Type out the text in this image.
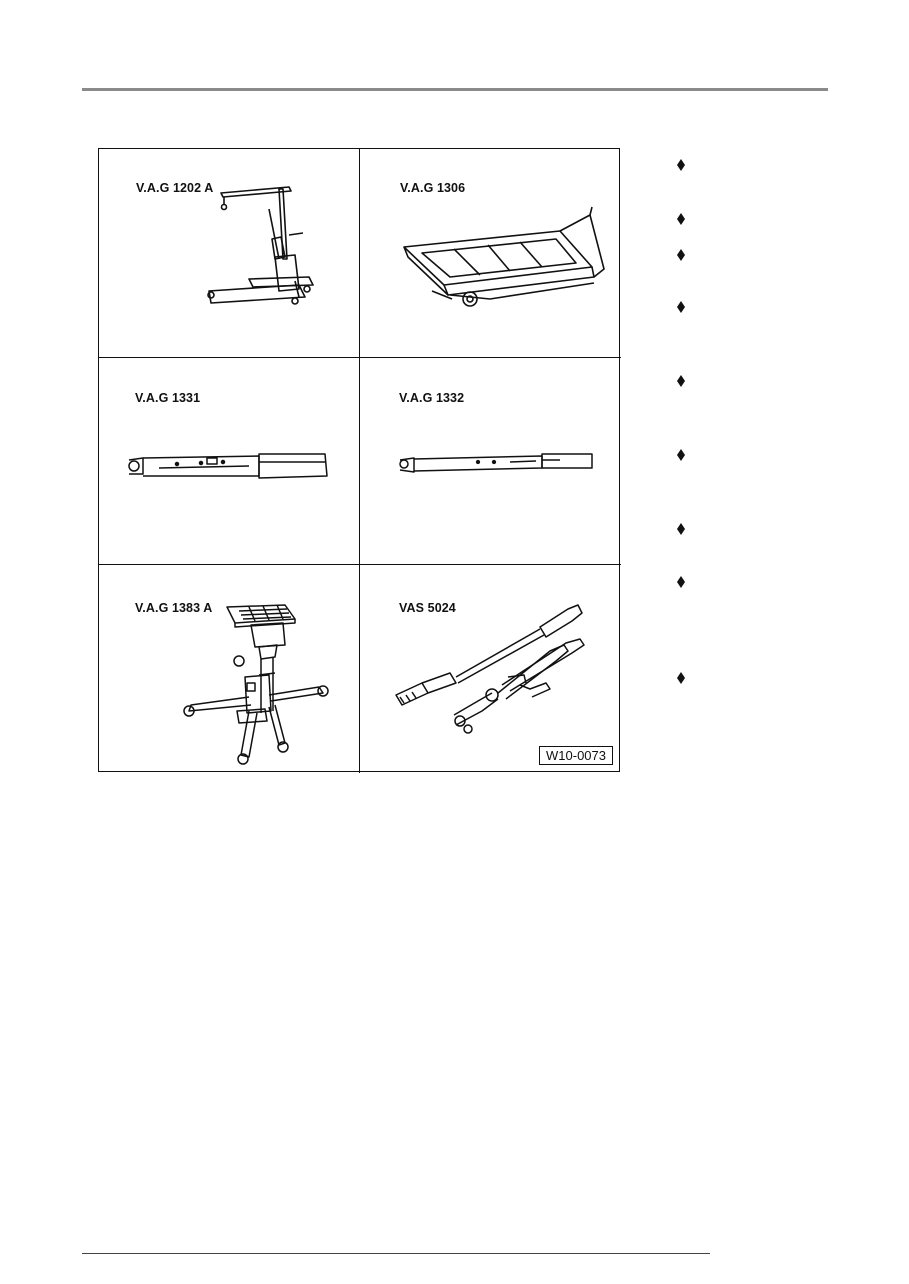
V.A.G 1202 A	V.A.G 1306
V.A.G 1331	V.A.G 1332
V.A.G 1383 A	VAS 5024
W10-0073
